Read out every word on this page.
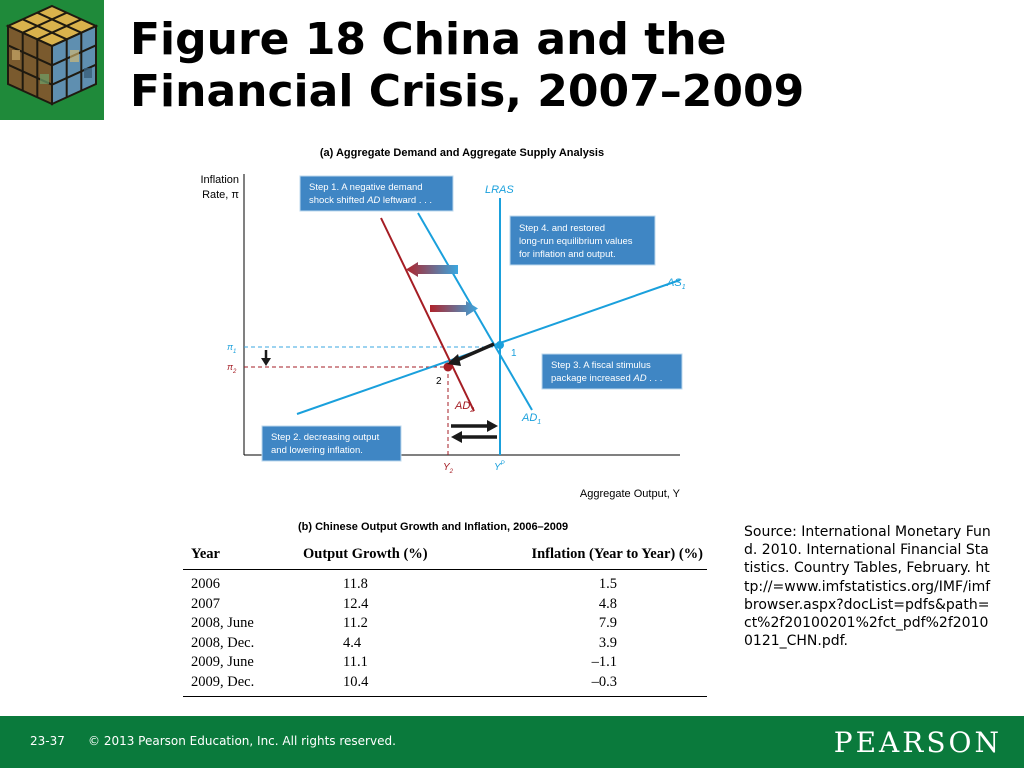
Figure 18 China and the
Financial Crisis, 2007–2009
(a) Aggregate Demand and Aggregate Supply Analysis
Inflation
Rate, π
Aggregate Output, Y
LRAS
$AS_1$
$AD_1$
$AD_2$
$\pi_1$
$\pi_2$
$Y_2$	$Y^P$
1
2
Step 1. A negative demand
shock shifted AD leftward . . .
Step 4. and restored
long-run equilibrium values
for inflation and output.
Step 3. A fiscal stimulus
package increased AD . . .
Step 2. decreasing output
and lowering inflation.
(b) Chinese Output Growth and Inflation, 2006–2009
Year	Output Growth (%)	Inflation (Year to Year) (%)
2006	11.8	1.5
2007	12.4	4.8
2008, June	11.2	7.9
2008, Dec.	4.4	3.9
2009, June	11.1	–1.1
2009, Dec.	10.4	–0.3
Source: International Monetary Fund. 2010. International Financial Statistics. Country Tables, February. http://=www.imfstatistics.org/IMF/imfbrowser.aspx?docList=pdfs&path=ct%2f20100201%2fct_pdf%2f20100121_CHN.pdf.
23-37 © 2013 Pearson Education, Inc. All rights reserved.	PEARSON
